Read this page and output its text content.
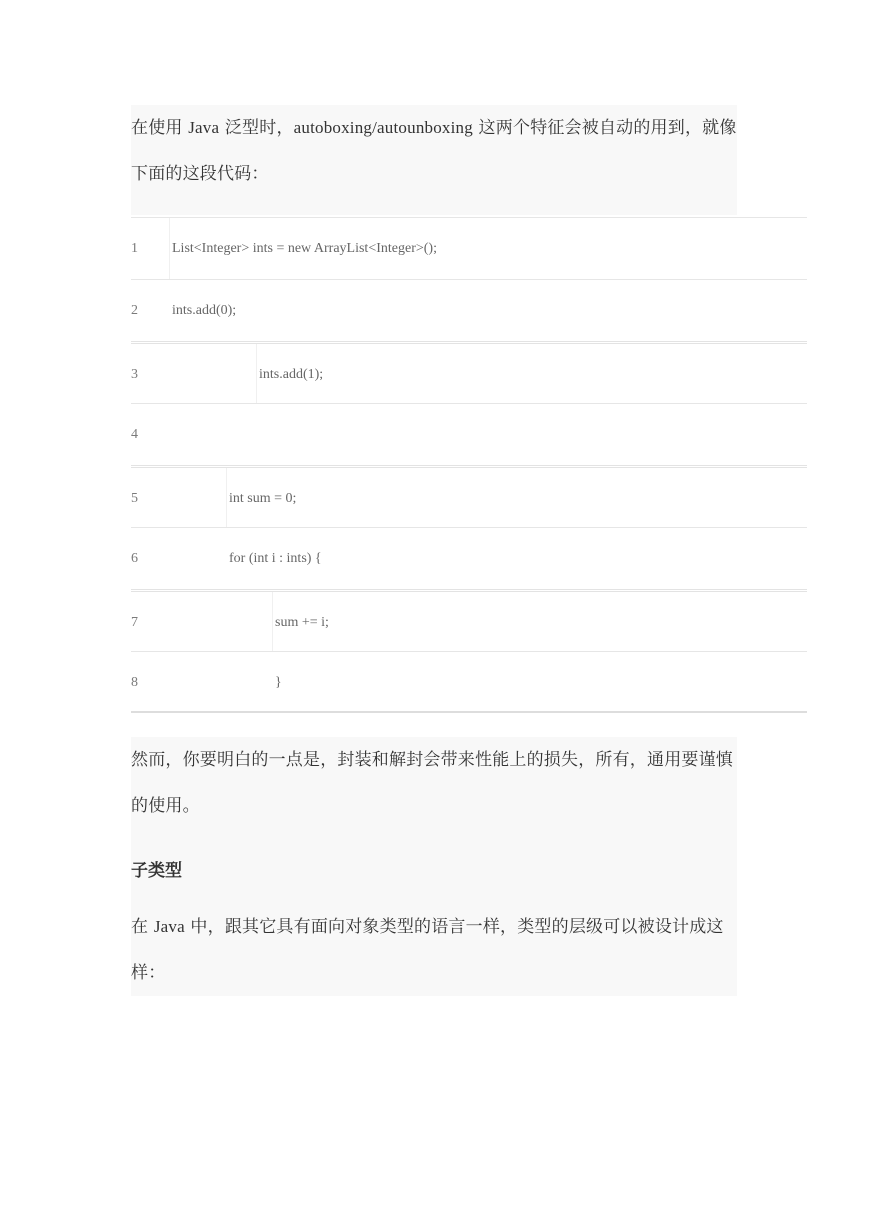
在使用 Java 泛型时，autoboxing/autounboxing 这两个特征会被自动的用到，就像

下面的这段代码：

1 List<Integer> ints = new ArrayList<Integer>();
2 ints.add(0);
3	ints.add(1);
4
5	int sum = 0;
6	for (int i : ints) {
7	sum += i;
8	}

然而，你要明白的一点是，封装和解封会带来性能上的损失，所有，通用要谨慎

的使用。

子类型

在 Java 中，跟其它具有面向对象类型的语言一样，类型的层级可以被设计成这

样：
